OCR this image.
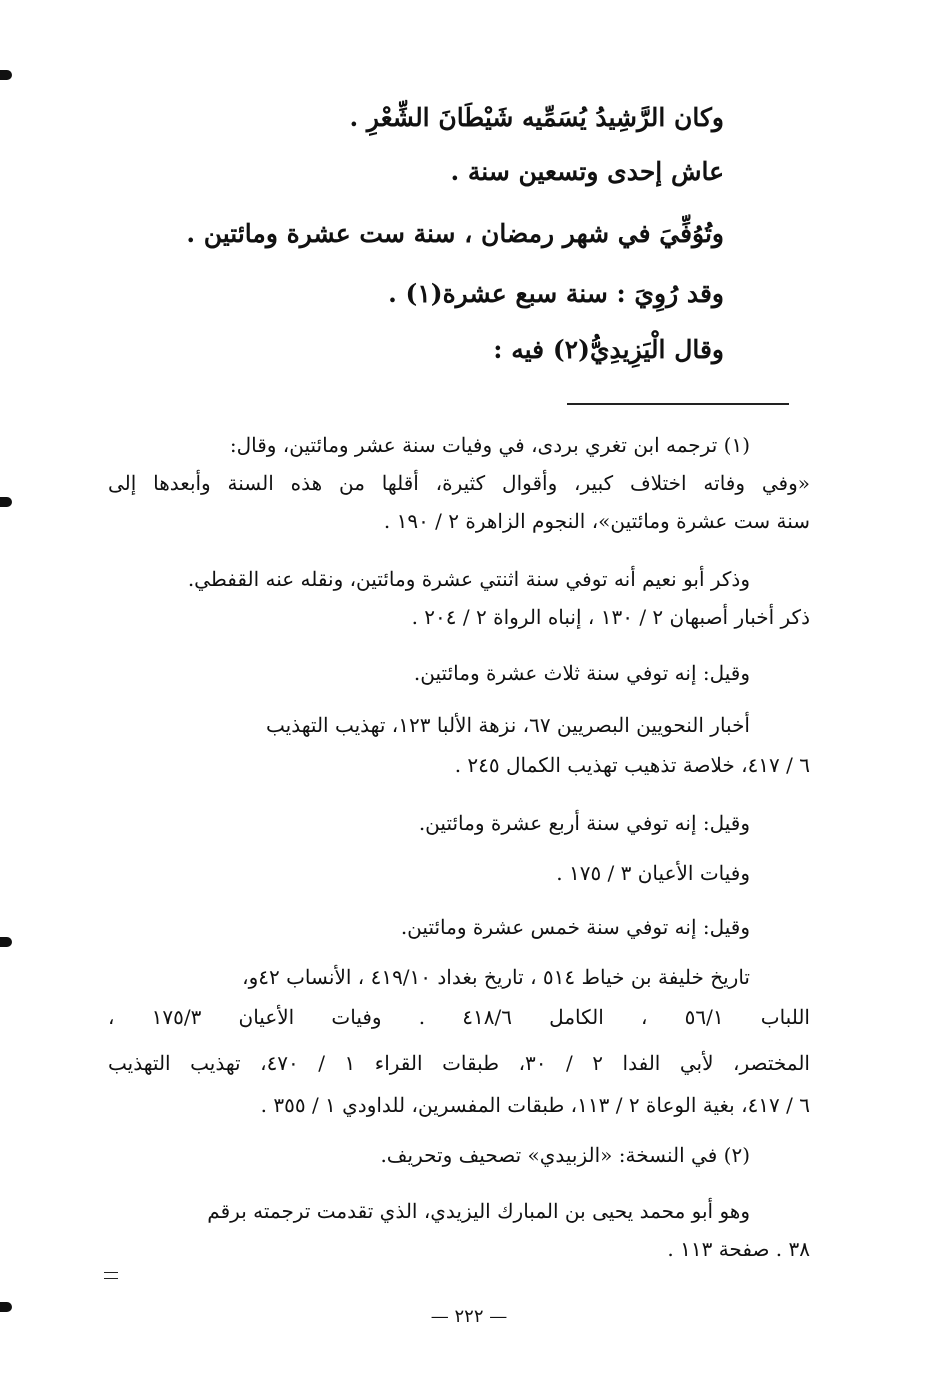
وكان الرَّشِيدُ يُسَمِّيه شَيْطَانَ الشِّعْرِ .
عاش إحدى وتسعين سنة .
وتُوُفِّيَ في شهر رمضان ، سنة ست عشرة ومائتين .
وقد رُوِيَ : سنة سبع عشرة(١) .
وقال الْيَزِيدِيُّ(٢) فيه :
(١) ترجمه ابن تغري بردى، في وفيات سنة عشر ومائتين، وقال:
«وفي وفاته اختلاف كبير، وأقوال كثيرة، أقلها من هذه السنة وأبعدها إلى
سنة ست عشرة ومائتين»، النجوم الزاهرة ٢ / ١٩٠ .
وذكر أبو نعيم أنه توفي سنة اثنتي عشرة ومائتين، ونقله عنه القفطي.
ذكر أخبار أصبهان ٢ / ١٣٠ ، إنباه الرواة ٢ / ٢٠٤ .
وقيل: إنه توفي سنة ثلاث عشرة ومائتين.
أخبار النحويين البصريين ٦٧، نزهة الألبا ١٢٣، تهذيب التهذيب
٦ / ٤١٧، خلاصة تذهيب تهذيب الكمال ٢٤٥ .
وقيل: إنه توفي سنة أربع عشرة ومائتين.
وفيات الأعيان ٣ / ١٧٥ .
وقيل: إنه توفي سنة خمس عشرة ومائتين.
تاريخ خليفة بن خياط ٥١٤ ، تاريخ بغداد ٤١٩/١٠ ، الأنساب ٤٢و،
اللباب ٥٦/١ ، الكامل ٤١٨/٦ . وفيات الأعيان ١٧٥/٣ ،
المختصر، لأبي الفدا ٢ / ٣٠، طبقات القراء ١ / ٤٧٠، تهذيب التهذيب
٦ / ٤١٧، بغية الوعاة ٢ / ١١٣، طبقات المفسرين، للداودي ١ / ٣٥٥ .
(٢) في النسخة: «الزبيدي» تصحيف وتحريف.
وهو أبو محمد يحيى بن المبارك اليزيدي، الذي تقدمت ترجمته برقم
٣٨ . صفحة ١١٣ .
— ٢٢٢ —
